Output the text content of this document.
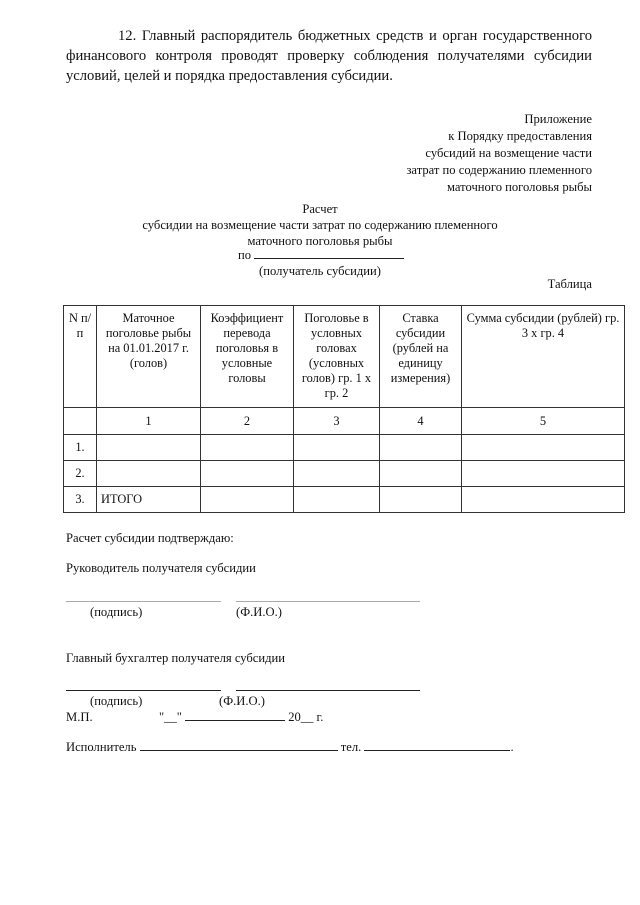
12. Главный распорядитель бюджетных средств и орган государственного финансового контроля проводят проверку соблюдения получателями субсидии условий, целей и порядка предоставления субсидии.
Приложение
к Порядку предоставления
субсидий на возмещение части
затрат по содержанию племенного
маточного поголовья рыбы
Расчет
субсидии на возмещение части затрат по содержанию племенного
маточного поголовья рыбы
по
(получатель субсидии)
Таблица
N п/п	Маточное поголовье рыбы на 01.01.2017 г. (голов)	Коэффициент перевода поголовья в условные головы	Поголовье в условных головах (условных голов) гр. 1 x гр. 2	Ставка субсидии (рублей на единицу измерения)	Сумма субсидии (рублей) гр. 3 x гр. 4
	1	2	3	4	5
1.					
2.					
3.	ИТОГО				
Расчет субсидии подтверждаю:
Руководитель получателя субсидии
(подпись)	(Ф.И.О.)
Главный бухгалтер получателя субсидии
(подпись)	(Ф.И.О.)
М.П.	"__"	20__ г.
Исполнитель	тел.	.
